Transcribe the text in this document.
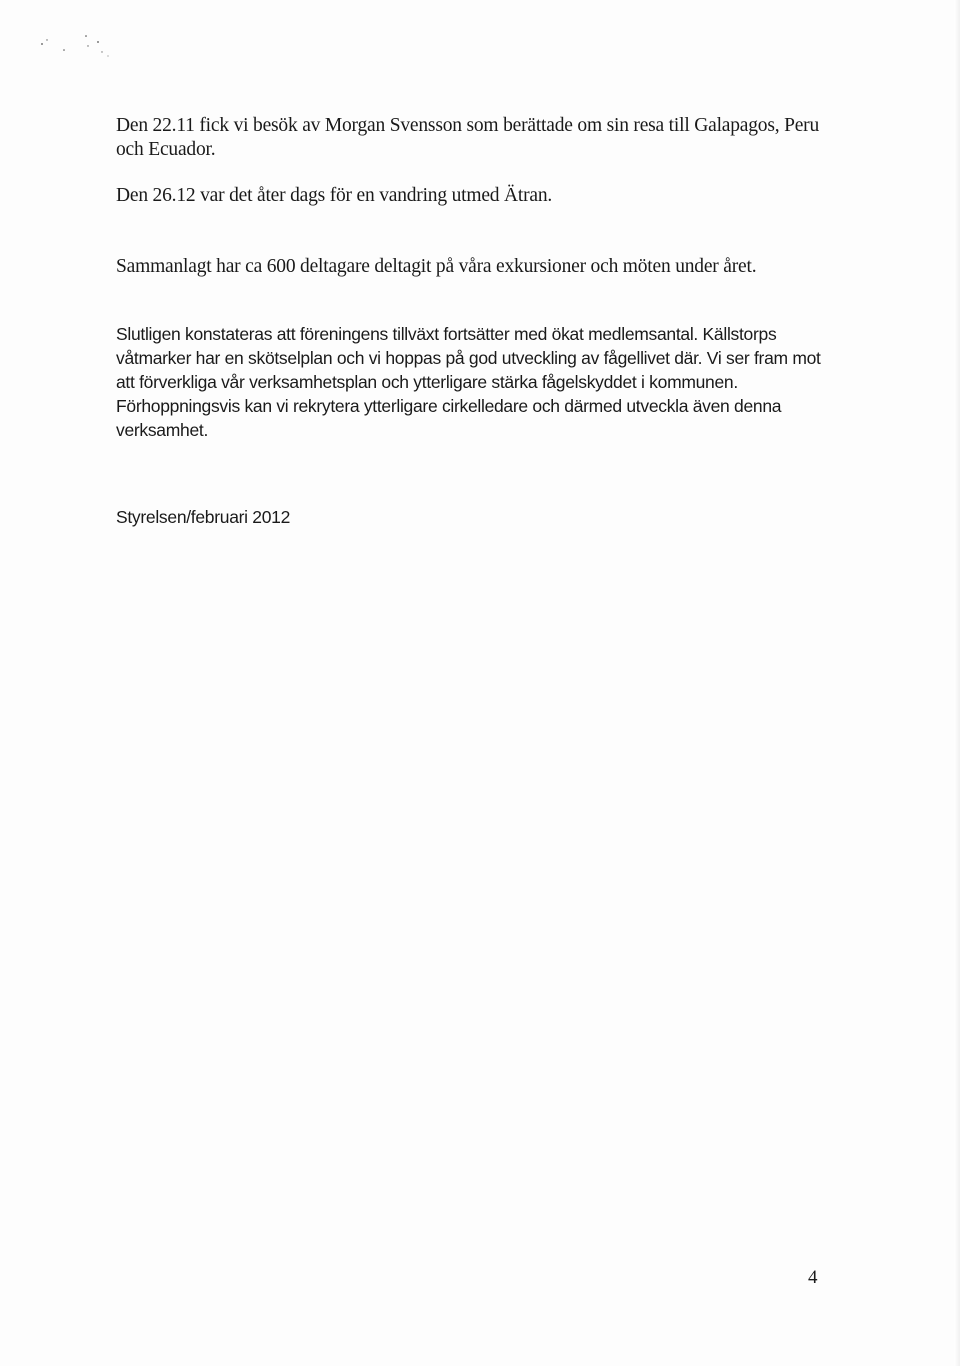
Den 22.11 fick vi besök av Morgan Svensson som berättade om sin resa till Galapagos, Peru och Ecuador.

Den 26.12 var det åter dags för en vandring utmed Ätran.

Sammanlagt har ca 600 deltagare deltagit på våra exkursioner och möten under året.

Slutligen konstateras att föreningens tillväxt fortsätter med ökat medlemsantal. Källstorps våtmarker har en skötselplan och vi hoppas på god utveckling av fågellivet där. Vi ser fram mot att förverkliga vår verksamhetsplan och ytterligare stärka fågelskyddet i kommunen. Förhoppningsvis kan vi rekrytera ytterligare cirkelledare och därmed utveckla även denna verksamhet.

Styrelsen/februari 2012

4
